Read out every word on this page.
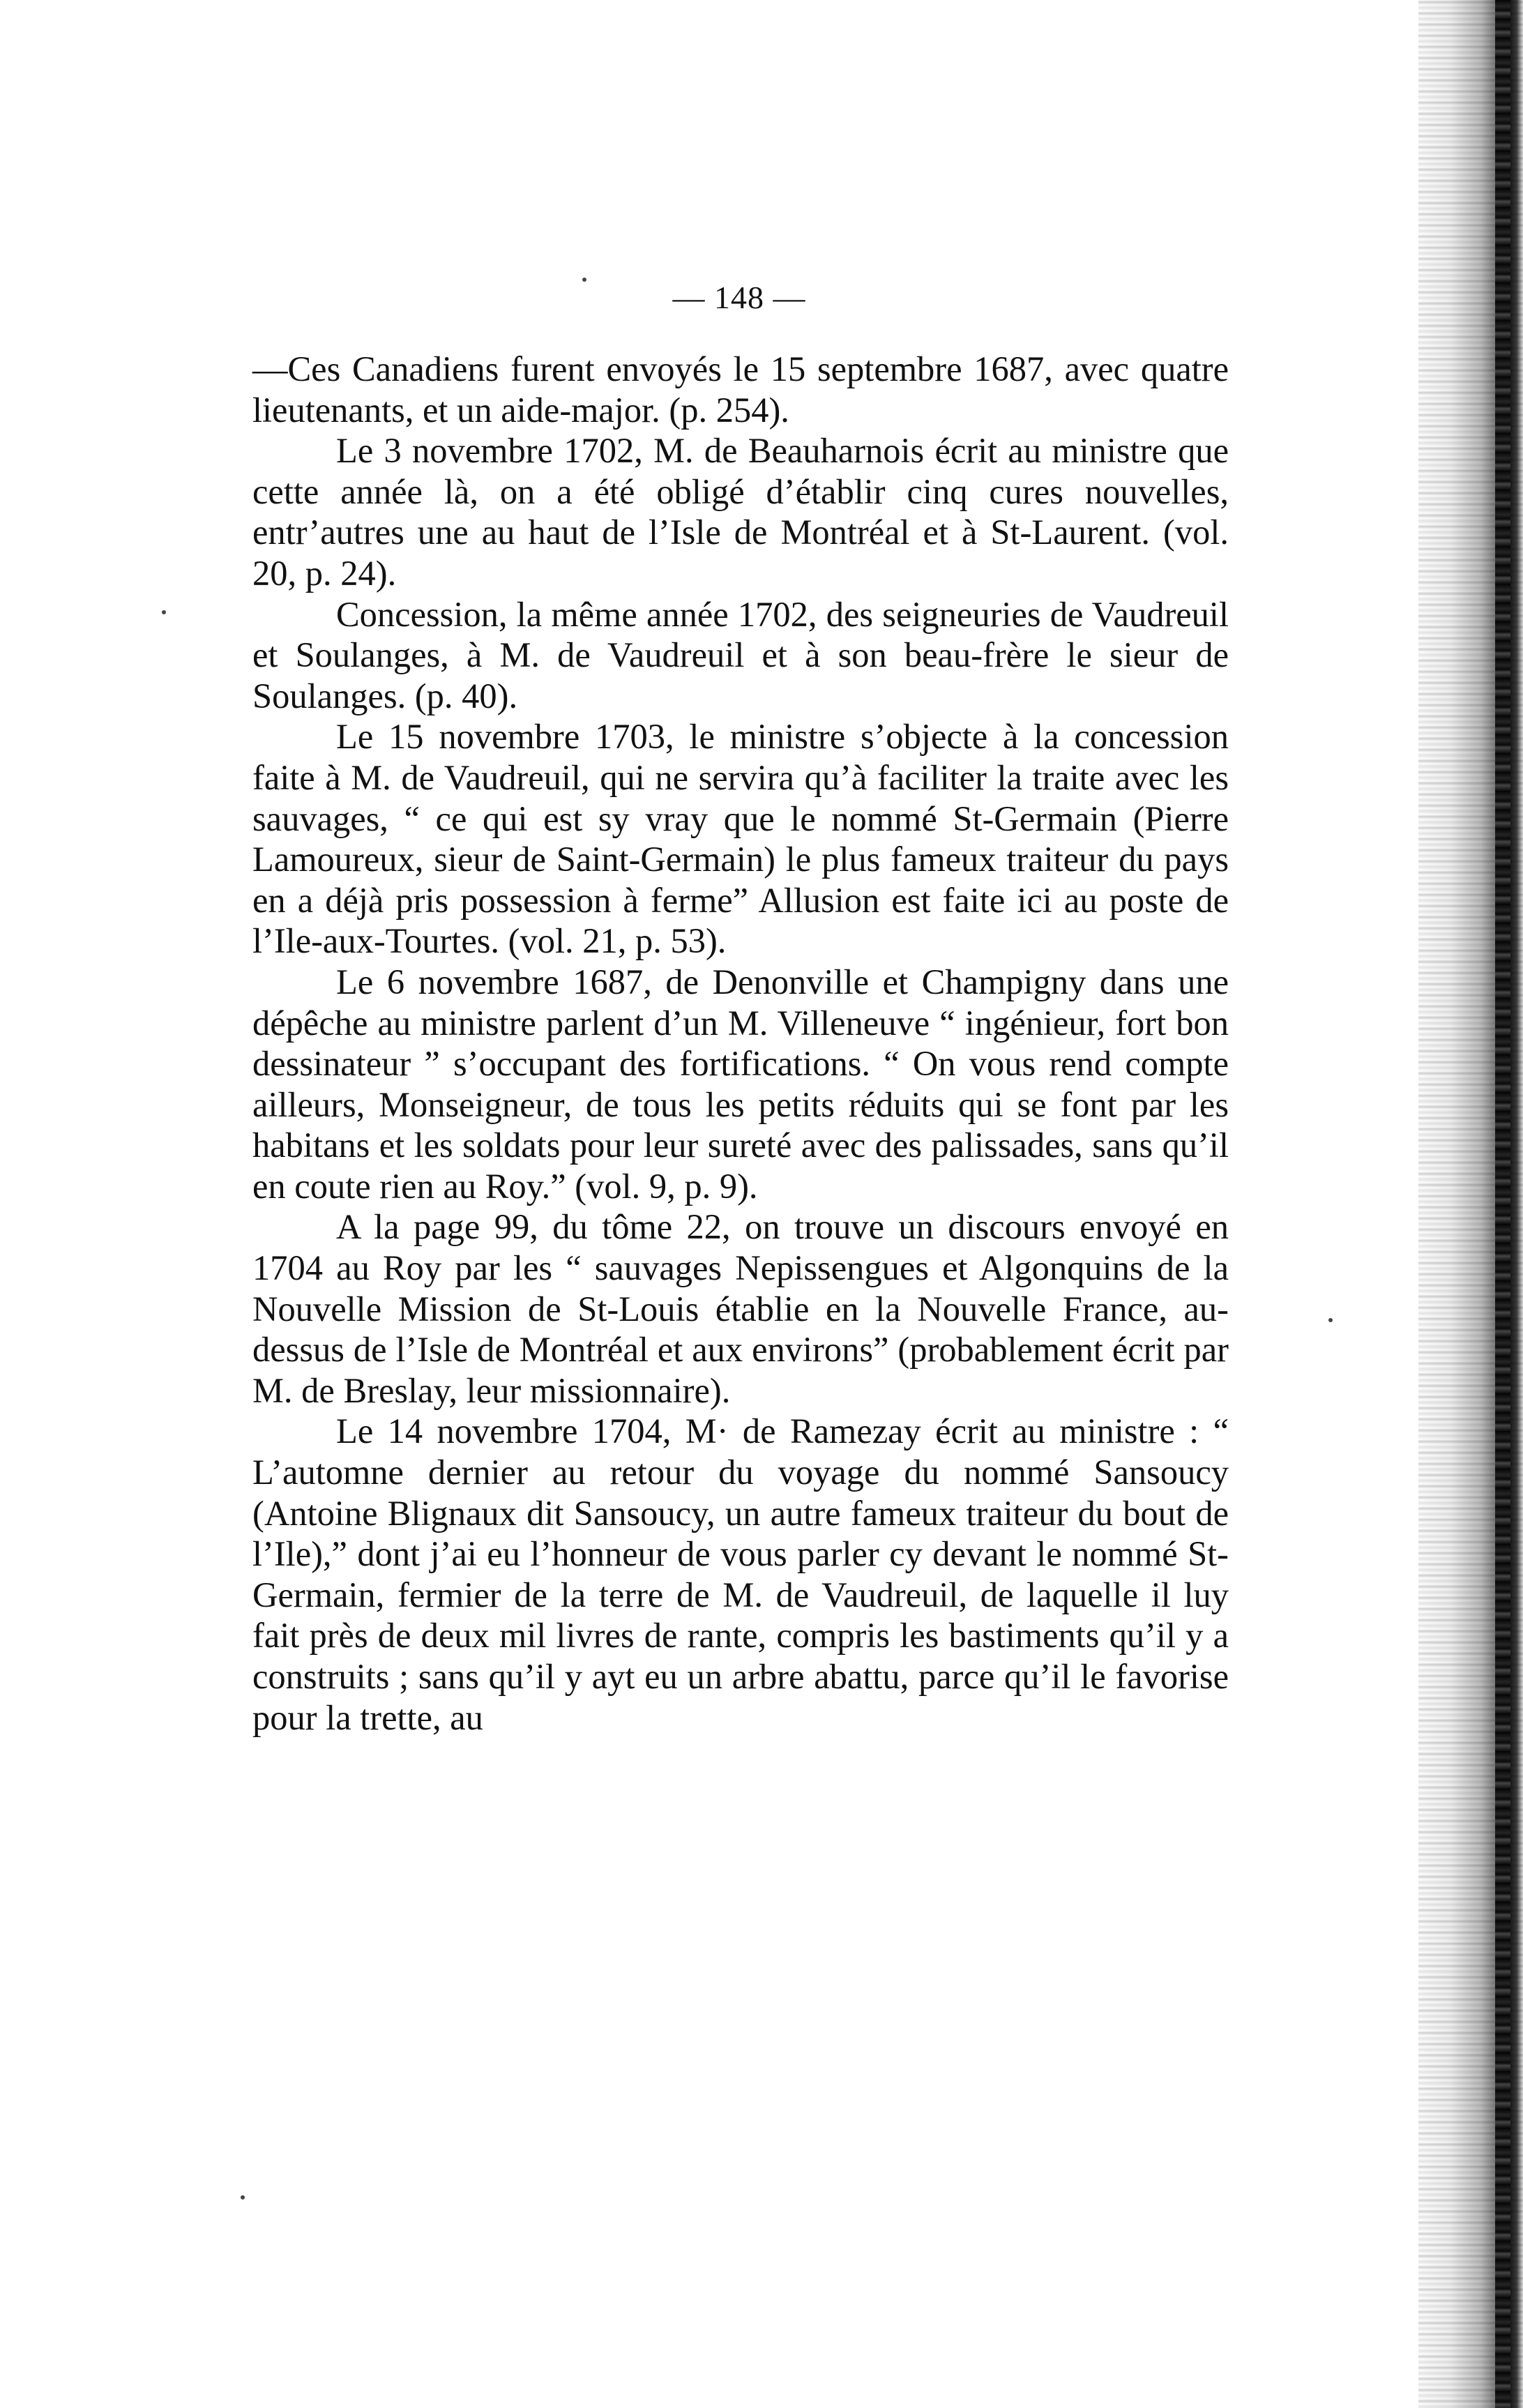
— 148 —

—Ces Canadiens furent envoyés le 15 septembre 1687, avec quatre lieutenants, et un aide-major. (p. 254).

Le 3 novembre 1702, M. de Beauharnois écrit au ministre que cette année là, on a été obligé d’établir cinq cures nouvelles, entr’autres une au haut de l’Isle de Montréal et à St-Laurent. (vol. 20, p. 24).

Concession, la même année 1702, des seigneuries de Vaudreuil et Soulanges, à M. de Vaudreuil et à son beau-frère le sieur de Soulanges. (p. 40).

Le 15 novembre 1703, le ministre s’objecte à la concession faite à M. de Vaudreuil, qui ne servira qu’à faciliter la traite avec les sauvages, “ ce qui est sy vray que le nommé St-Germain (Pierre Lamoureux, sieur de Saint-Germain) le plus fameux traiteur du pays en a déjà pris possession à ferme” Allusion est faite ici au poste de l’Ile-aux-Tourtes. (vol. 21, p. 53).

Le 6 novembre 1687, de Denonville et Champigny dans une dépêche au ministre parlent d’un M. Villeneuve “ ingénieur, fort bon dessinateur ” s’occupant des fortifications. “ On vous rend compte ailleurs, Monseigneur, de tous les petits réduits qui se font par les habitans et les soldats pour leur sureté avec des palissades, sans qu’il en coute rien au Roy.” (vol. 9, p. 9).

A la page 99, du tôme 22, on trouve un discours envoyé en 1704 au Roy par les “ sauvages Nepissengues et Algonquins de la Nouvelle Mission de St-Louis établie en la Nouvelle France, au-dessus de l’Isle de Montréal et aux environs” (probablement écrit par M. de Breslay, leur missionnaire).

Le 14 novembre 1704, M· de Ramezay écrit au ministre : “ L’automne dernier au retour du voyage du nommé Sansoucy (Antoine Blignaux dit Sansoucy, un autre fameux traiteur du bout de l’Ile),” dont j’ai eu l’honneur de vous parler cy devant le nommé St-Germain, fermier de la terre de M. de Vaudreuil, de laquelle il luy fait près de deux mil livres de rante, compris les bastiments qu’il y a construits ; sans qu’il y ayt eu un arbre abattu, parce qu’il le favorise pour la trette, au
